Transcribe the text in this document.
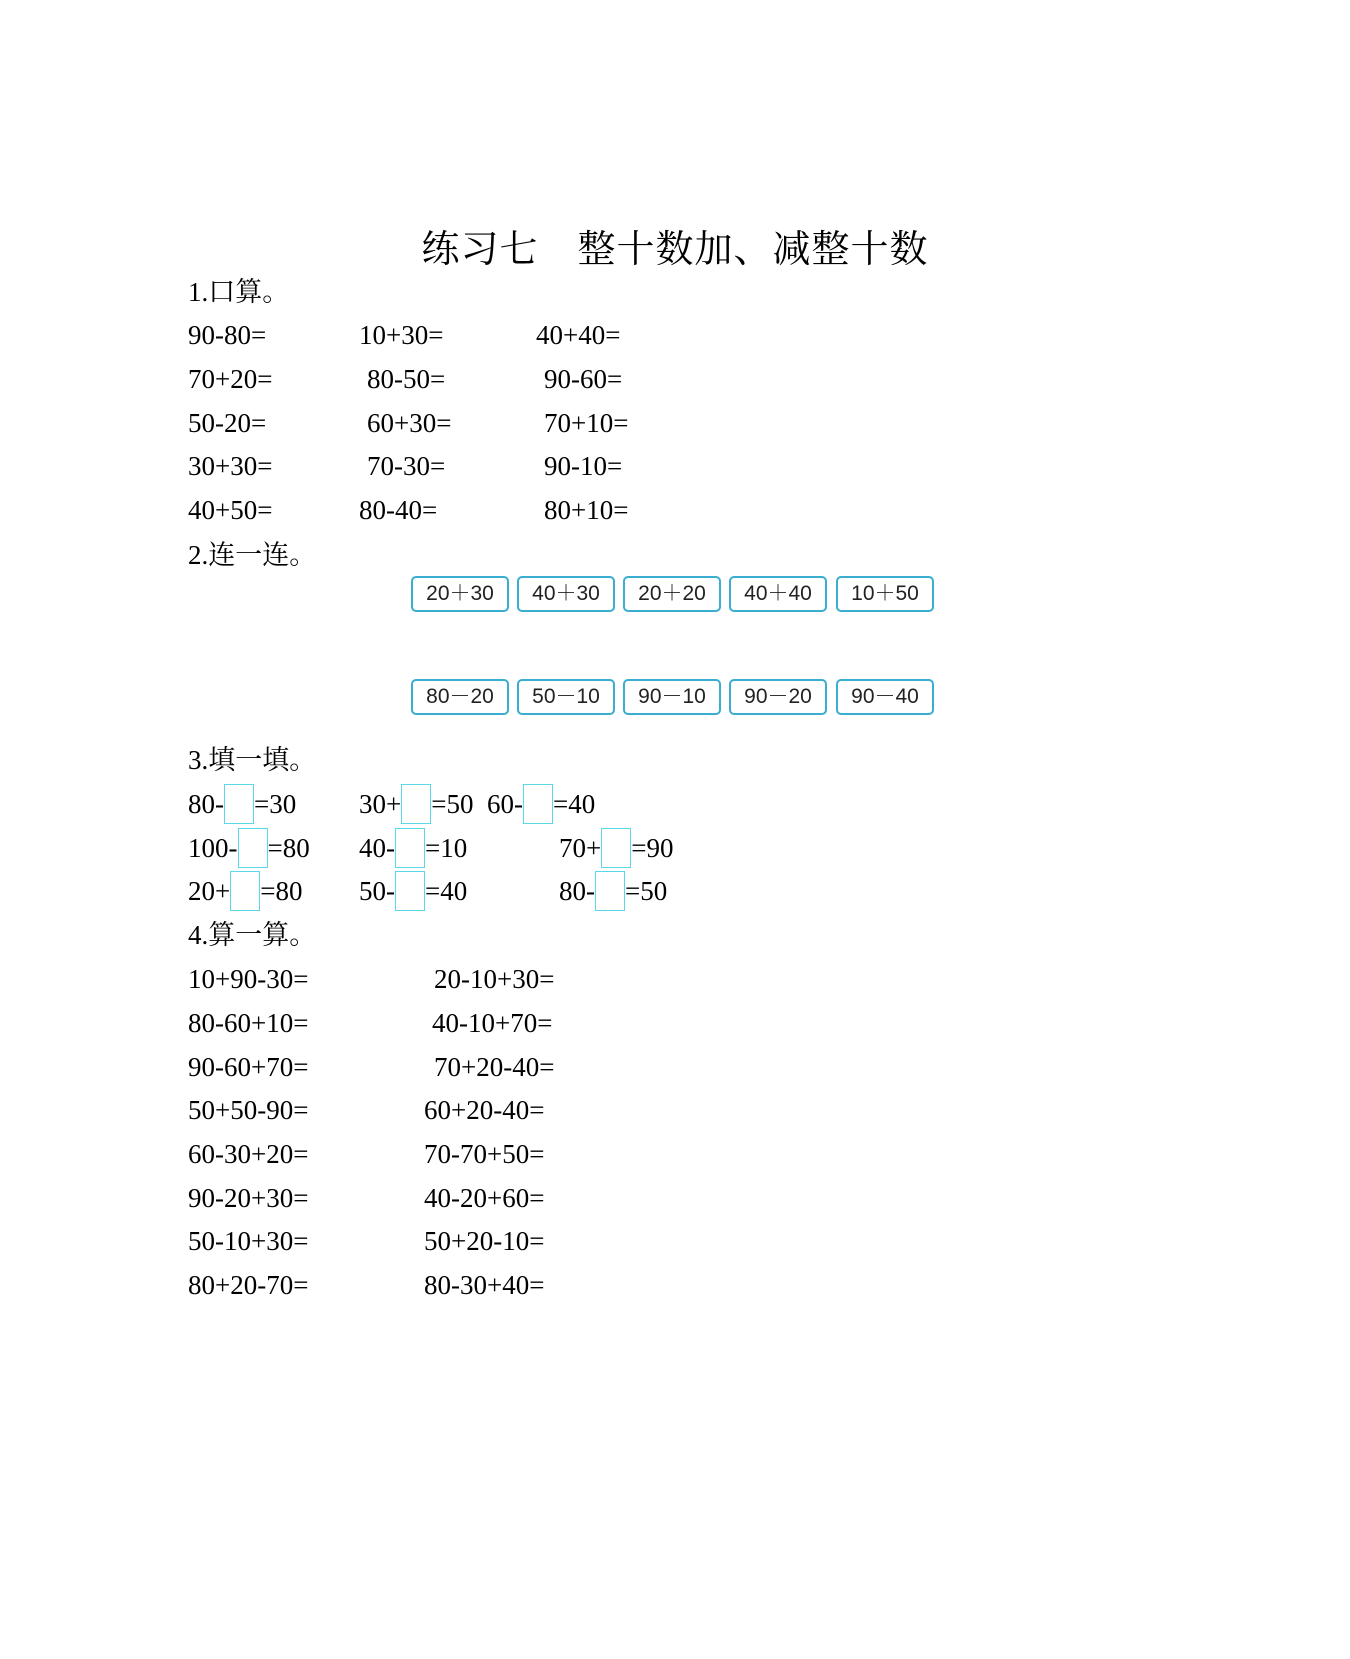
练习七　整十数加、减整十数
1.口算。
90-80=	10+30=	40+40=
70+20=	80-50=	90-60=
50-20=	60+30=	70+10=
30+30=	70-30=	90-10=
40+50=	80-40=	80+10=
2.连一连。
20＋30	40＋30	20＋20	40＋40	10＋50
80－20	50－10	90－10	90－20	90－40
3.填一填。
80- =30 30+ =50 60- =40
100- =80 40- =10	70+ =90
20+ =80 50- =40	80- =50
4.算一算。
10+90-30=	20-10+30=
80-60+10=	40-10+70=
90-60+70=	70+20-40=
50+50-90=	60+20-40=
60-30+20=	70-70+50=
90-20+30=	40-20+60=
50-10+30=	50+20-10=
80+20-70=	80-30+40=
